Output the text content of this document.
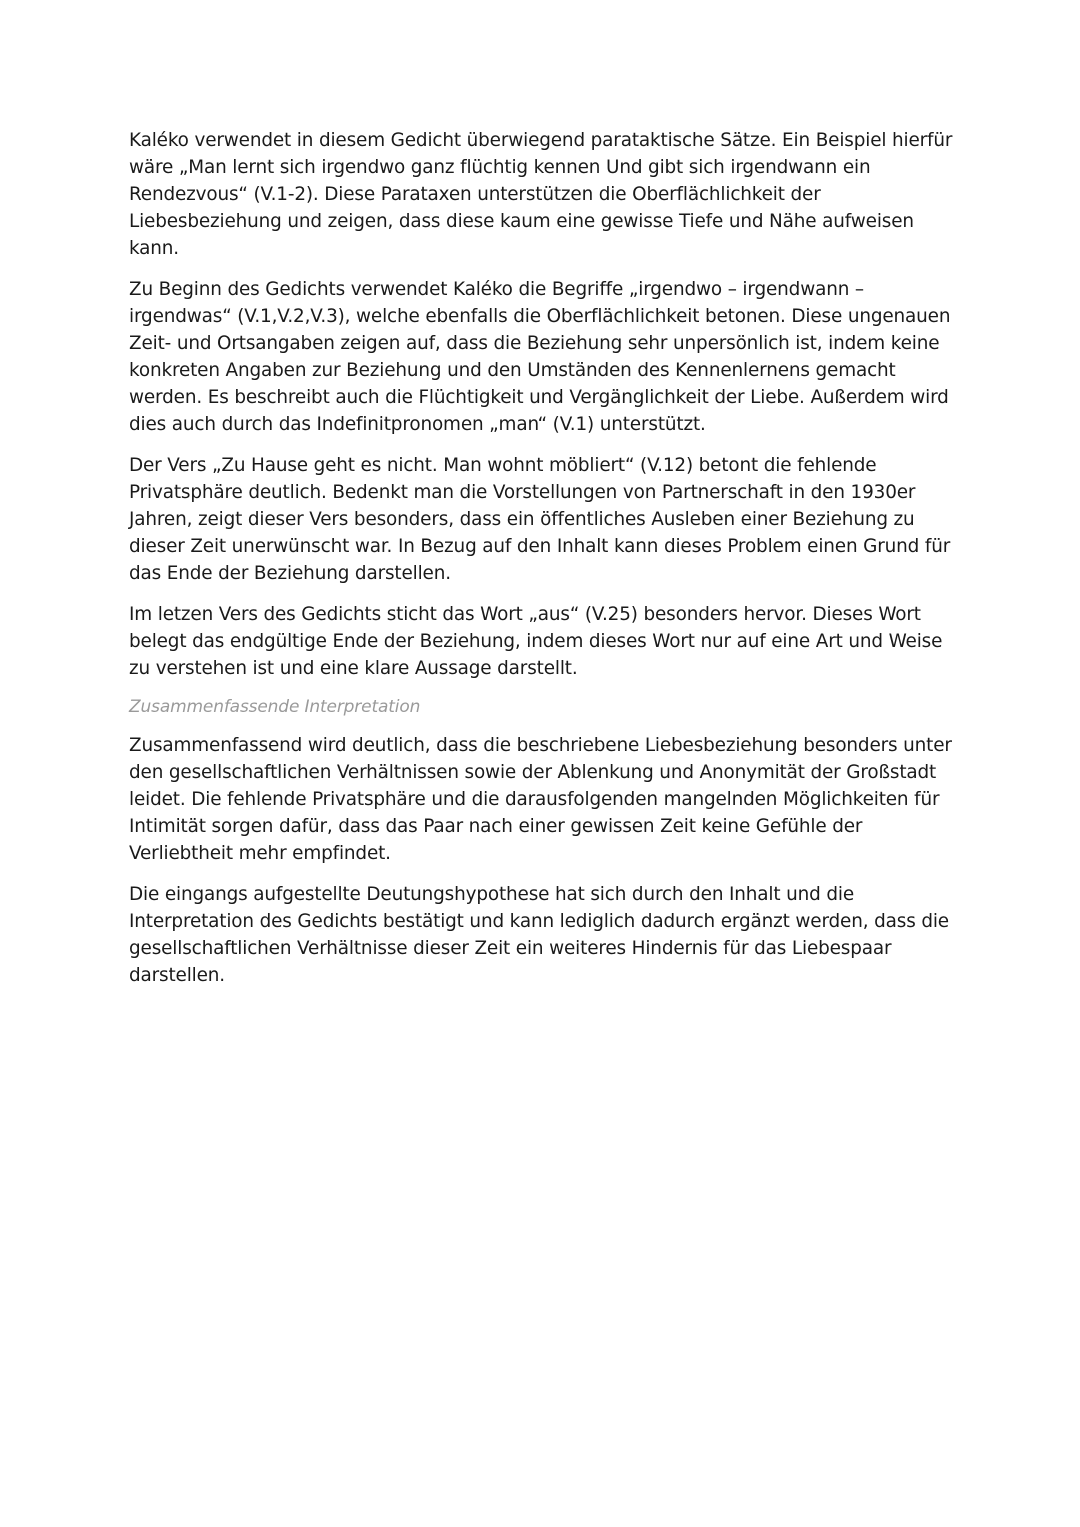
Kaléko verwendet in diesem Gedicht überwiegend parataktische Sätze. Ein Beispiel hierfür wäre „Man lernt sich irgendwo ganz flüchtig kennen Und gibt sich irgendwann ein Rendezvous“ (V.1-2). Diese Parataxen unterstützen die Oberflächlichkeit der Liebesbeziehung und zeigen, dass diese kaum eine gewisse Tiefe und Nähe aufweisen kann.

Zu Beginn des Gedichts verwendet Kaléko die Begriffe „irgendwo – irgendwann – irgendwas“ (V.1,V.2,V.3), welche ebenfalls die Oberflächlichkeit betonen. Diese ungenauen Zeit- und Ortsangaben zeigen auf, dass die Beziehung sehr unpersönlich ist, indem keine konkreten Angaben zur Beziehung und den Umständen des Kennenlernens gemacht werden. Es beschreibt auch die Flüchtigkeit und Vergänglichkeit der Liebe. Außerdem wird dies auch durch das Indefinitpronomen „man“ (V.1) unterstützt.

Der Vers „Zu Hause geht es nicht. Man wohnt möbliert“ (V.12) betont die fehlende Privatsphäre deutlich. Bedenkt man die Vorstellungen von Partnerschaft in den 1930er Jahren, zeigt dieser Vers besonders, dass ein öffentliches Ausleben einer Beziehung zu dieser Zeit unerwünscht war. In Bezug auf den Inhalt kann dieses Problem einen Grund für das Ende der Beziehung darstellen.

Im letzen Vers des Gedichts sticht das Wort „aus“ (V.25) besonders hervor. Dieses Wort belegt das endgültige Ende der Beziehung, indem dieses Wort nur auf eine Art und Weise zu verstehen ist und eine klare Aussage darstellt.

Zusammenfassende Interpretation

Zusammenfassend wird deutlich, dass die beschriebene Liebesbeziehung besonders unter den gesellschaftlichen Verhältnissen sowie der Ablenkung und Anonymität der Großstadt leidet. Die fehlende Privatsphäre und die darausfolgenden mangelnden Möglichkeiten für Intimität sorgen dafür, dass das Paar nach einer gewissen Zeit keine Gefühle der Verliebtheit mehr empfindet.

Die eingangs aufgestellte Deutungshypothese hat sich durch den Inhalt und die Interpretation des Gedichts bestätigt und kann lediglich dadurch ergänzt werden, dass die gesellschaftlichen Verhältnisse dieser Zeit ein weiteres Hindernis für das Liebespaar darstellen.
